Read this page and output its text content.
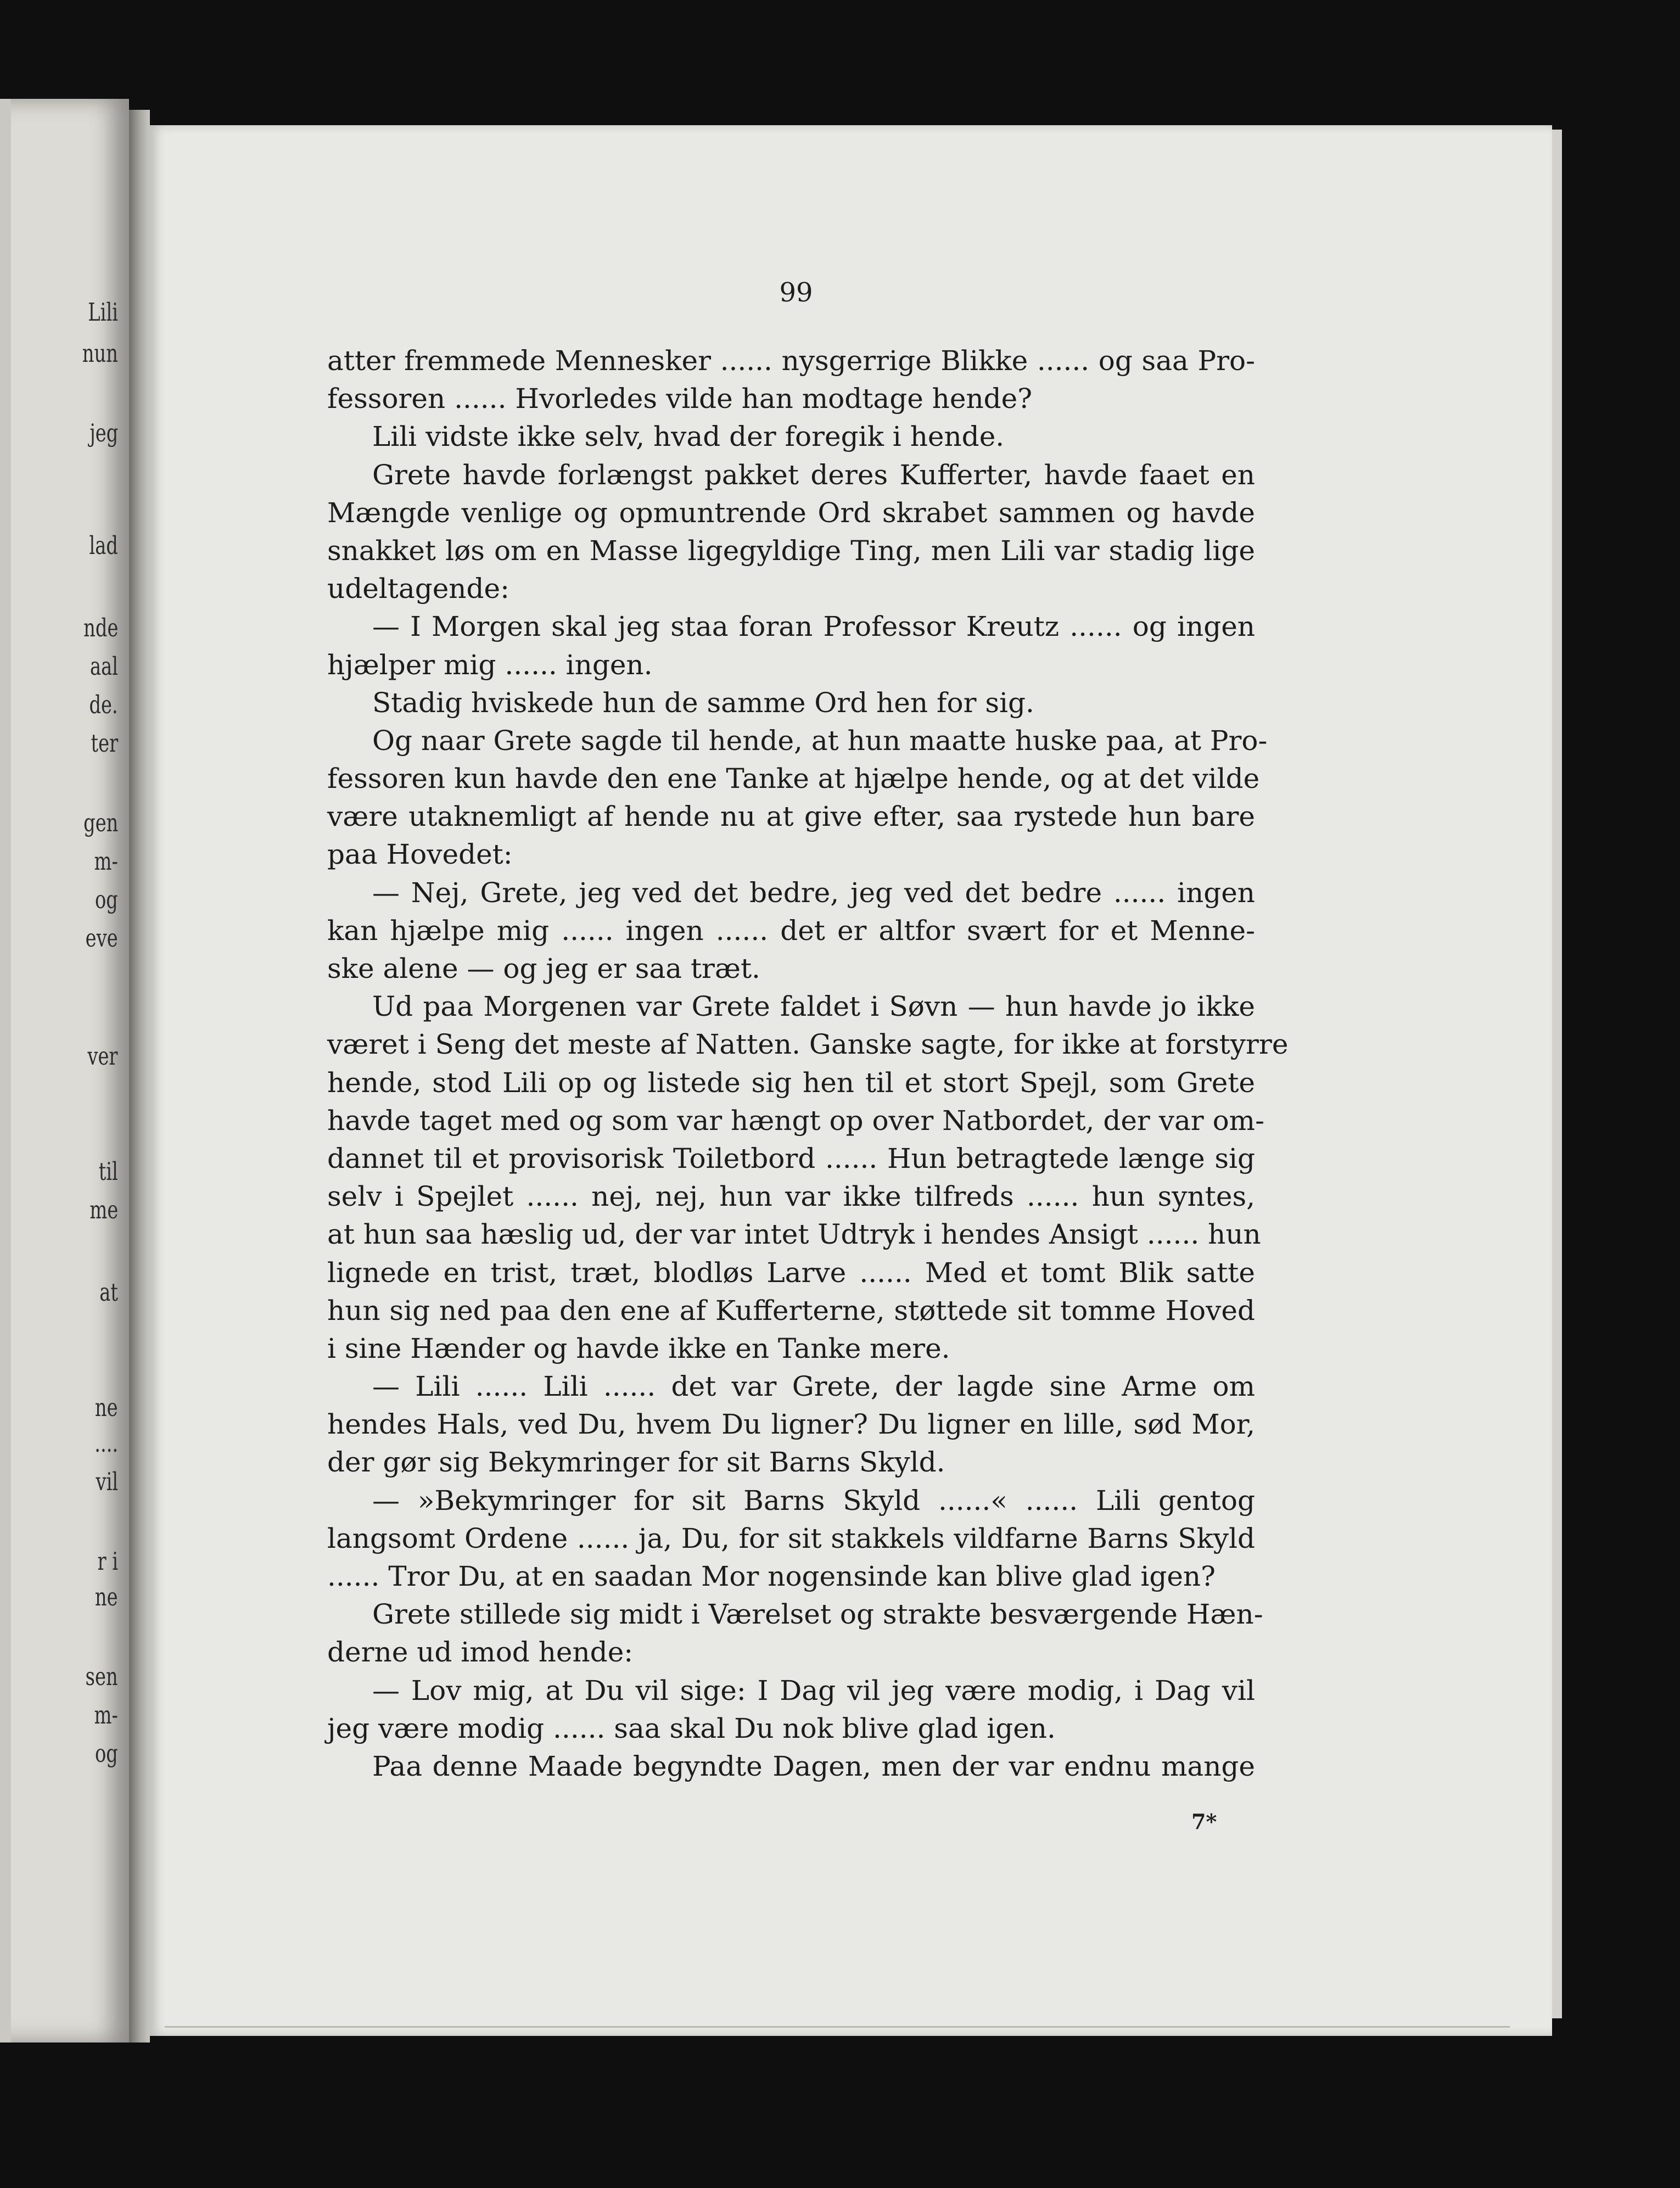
Lili
nun
jeg
lad
nde
aal
de.
ter
gen
m-
og
eve
ver
til
me
at
ne
....
vil
r i
ne
sen
m-
og
99
atter fremmede Mennesker ...... nysgerrige Blikke ...... og saa Pro-
fessoren ...... Hvorledes vilde han modtage hende?
Lili vidste ikke selv, hvad der foregik i hende.
Grete havde forlængst pakket deres Kufferter, havde faaet en
Mængde venlige og opmuntrende Ord skrabet sammen og havde
snakket løs om en Masse ligegyldige Ting, men Lili var stadig lige
udeltagende:
— I Morgen skal jeg staa foran Professor Kreutz ...... og ingen
hjælper mig ...... ingen.
Stadig hviskede hun de samme Ord hen for sig.
Og naar Grete sagde til hende, at hun maatte huske paa, at Pro-
fessoren kun havde den ene Tanke at hjælpe hende, og at det vilde
være utaknemligt af hende nu at give efter, saa rystede hun bare
paa Hovedet:
— Nej, Grete, jeg ved det bedre, jeg ved det bedre ...... ingen
kan hjælpe mig ...... ingen ...... det er altfor svært for et Menne-
ske alene — og jeg er saa træt.
Ud paa Morgenen var Grete faldet i Søvn — hun havde jo ikke
været i Seng det meste af Natten. Ganske sagte, for ikke at forstyrre
hende, stod Lili op og listede sig hen til et stort Spejl, som Grete
havde taget med og som var hængt op over Natbordet, der var om-
dannet til et provisorisk Toiletbord ...... Hun betragtede længe sig
selv i Spejlet ...... nej, nej, hun var ikke tilfreds ...... hun syntes,
at hun saa hæslig ud, der var intet Udtryk i hendes Ansigt ...... hun
lignede en trist, træt, blodløs Larve ...... Med et tomt Blik satte
hun sig ned paa den ene af Kufferterne, støttede sit tomme Hoved
i sine Hænder og havde ikke en Tanke mere.
— Lili ...... Lili ...... det var Grete, der lagde sine Arme om
hendes Hals, ved Du, hvem Du ligner? Du ligner en lille, sød Mor,
der gør sig Bekymringer for sit Barns Skyld.
— »Bekymringer for sit Barns Skyld ......« ...... Lili gentog
langsomt Ordene ...... ja, Du, for sit stakkels vildfarne Barns Skyld
...... Tror Du, at en saadan Mor nogensinde kan blive glad igen?
Grete stillede sig midt i Værelset og strakte besværgende Hæn-
derne ud imod hende:
— Lov mig, at Du vil sige: I Dag vil jeg være modig, i Dag vil
jeg være modig ...... saa skal Du nok blive glad igen.
Paa denne Maade begyndte Dagen, men der var endnu mange
7*
